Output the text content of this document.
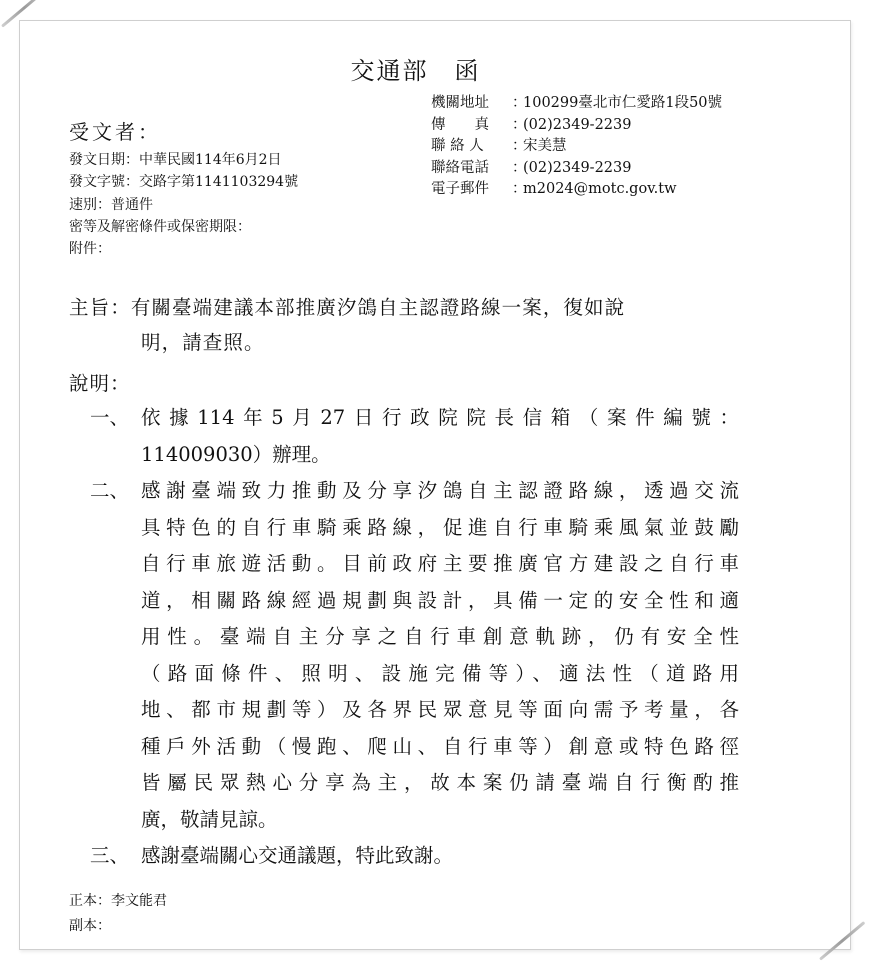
交通部　函
受文者：
機關地址	：
100299臺北市仁愛路1段50號
傳　　真	：
(02)2349-2239
聯 絡 人	：
宋美慧
聯絡電話	：
(02)2349-2239
電子郵件	：
m2024@motc.gov.tw
發文日期：中華民國114年6月2日
發文字號：交路字第1141103294號
速別：普通件
密等及解密條件或保密期限：
附件：
主旨：有關臺端建議本部推廣汐鴿自主認證路線一案，復如說
明，請查照。
說明：
一、 依據114年5月27日行政院院長信箱（案件編號：
114009030）辦理。
二、 感謝臺端致力推動及分享汐鴿自主認證路線，透過交流
具特色的自行車騎乘路線，促進自行車騎乘風氣並鼓勵
自行車旅遊活動。目前政府主要推廣官方建設之自行車
道，相關路線經過規劃與設計，具備一定的安全性和適
用性。臺端自主分享之自行車創意軌跡，仍有安全性
（路面條件、照明、設施完備等）、適法性（道路用
地、都市規劃等）及各界民眾意見等面向需予考量，各
種戶外活動（慢跑、爬山、自行車等）創意或特色路徑
皆屬民眾熱心分享為主，故本案仍請臺端自行衡酌推
廣，敬請見諒。
三、 感謝臺端關心交通議題，特此致謝。
正本：李文能君
副本：
